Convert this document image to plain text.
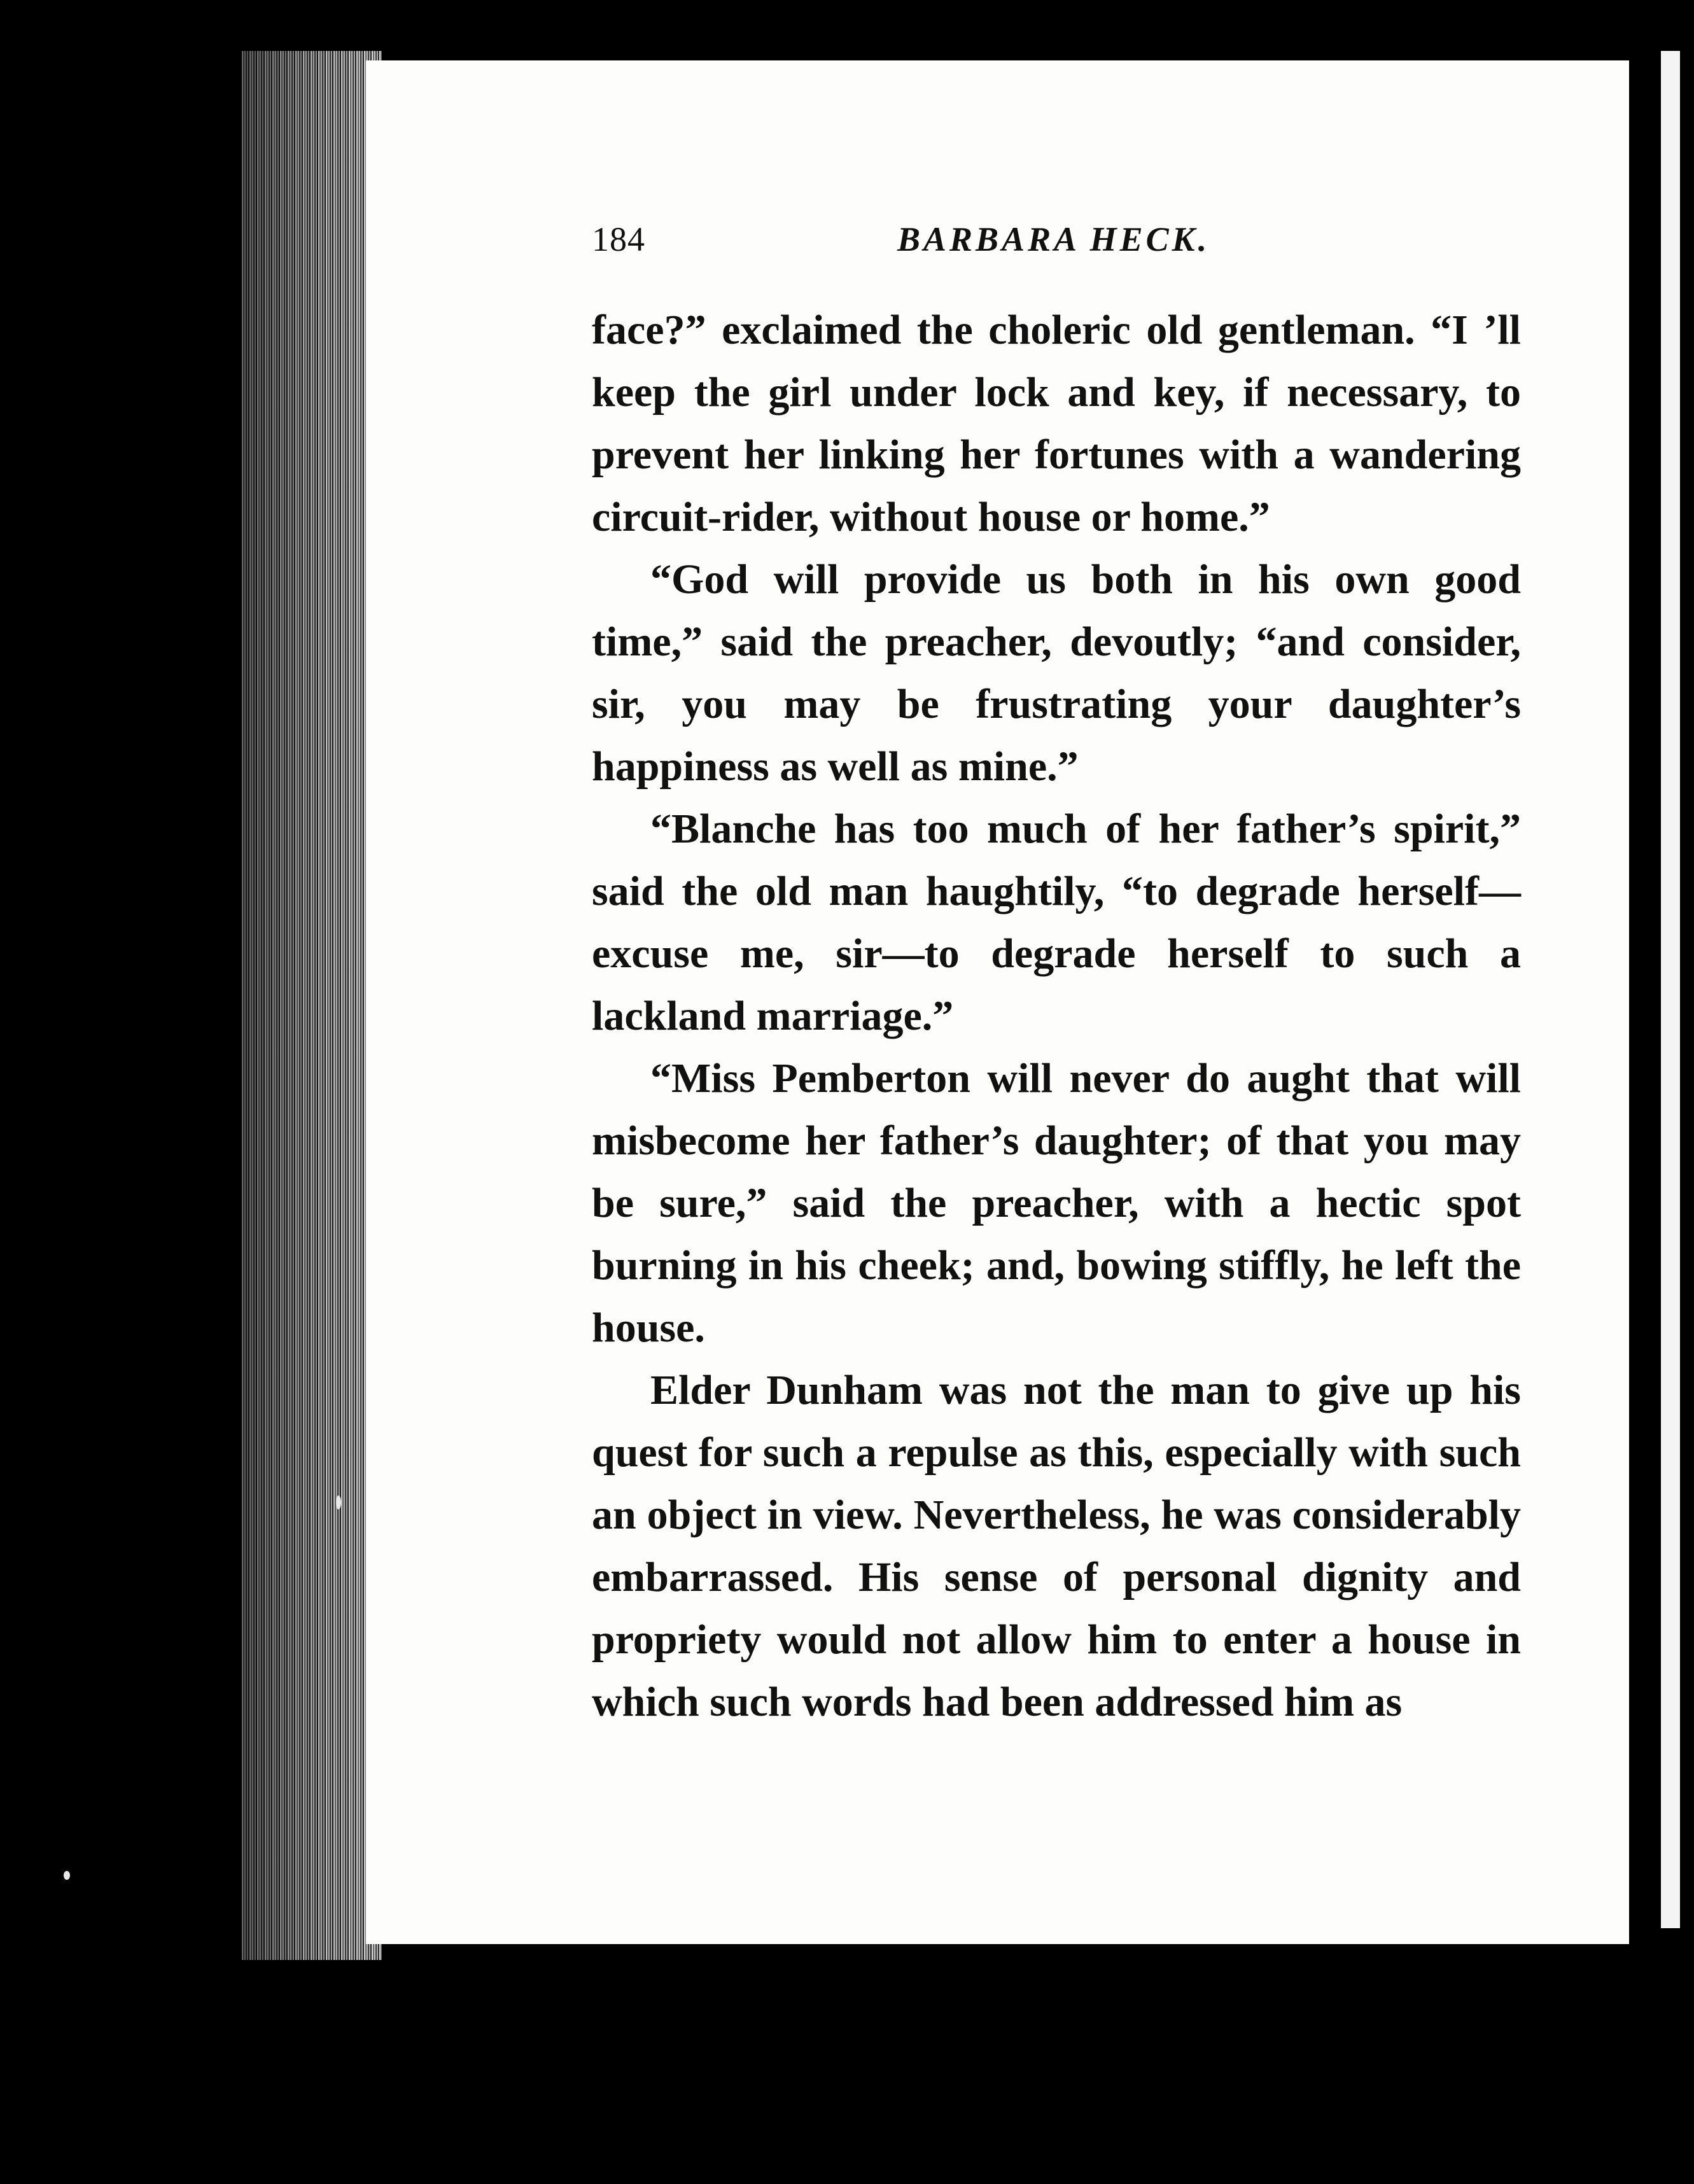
184	BARBARA HECK.

face?” exclaimed the choleric old gentleman. “I ’ll keep the girl under lock and key, if necessary, to prevent her linking her fortunes with a wandering circuit-rider, without house or home.”

“God will provide us both in his own good time,” said the preacher, devoutly; “and consider, sir, you may be frustrating your daughter’s happiness as well as mine.”

“Blanche has too much of her father’s spirit,” said the old man haughtily, “to degrade herself—excuse me, sir—to degrade herself to such a lackland marriage.”

“Miss Pemberton will never do aught that will misbecome her father’s daughter; of that you may be sure,” said the preacher, with a hectic spot burning in his cheek; and, bowing stiffly, he left the house.

Elder Dunham was not the man to give up his quest for such a repulse as this, especially with such an object in view. Nevertheless, he was considerably embarrassed. His sense of personal dignity and propriety would not allow him to enter a house in which such words had been addressed him as
